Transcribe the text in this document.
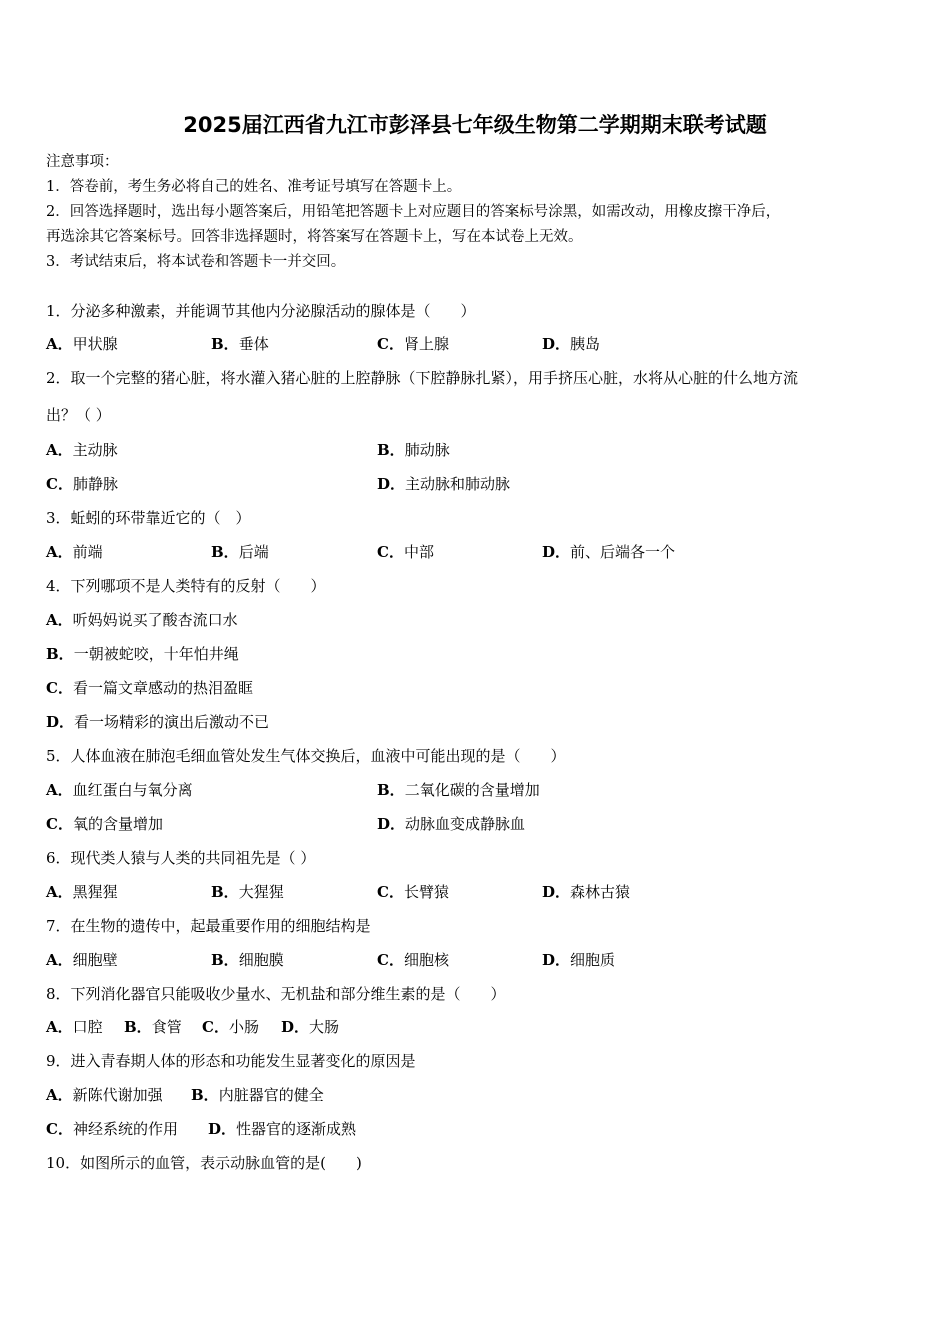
2025届江西省九江市彭泽县七年级生物第二学期期末联考试题
注意事项：
1．答卷前，考生务必将自己的姓名、准考证号填写在答题卡上。
2．回答选择题时，选出每小题答案后，用铅笔把答题卡上对应题目的答案标号涂黑，如需改动，用橡皮擦干净后，
再选涂其它答案标号。回答非选择题时，将答案写在答题卡上，写在本试卷上无效。
3．考试结束后，将本试卷和答题卡一并交回。
1．分泌多种激素，并能调节其他内分泌腺活动的腺体是（　　）
A．甲状腺	B．垂体	C．肾上腺	D．胰岛
2．取一个完整的猪心脏，将水灌入猪心脏的上腔静脉（下腔静脉扎紧），用手挤压心脏，水将从心脏的什么地方流
出？（ ）
A．主动脉	B．肺动脉
C．肺静脉	D．主动脉和肺动脉
3．蚯蚓的环带靠近它的（　）
A．前端	B．后端	C．中部	D．前、后端各一个
4．下列哪项不是人类特有的反射（　　）
A．听妈妈说买了酸杏流口水
B．一朝被蛇咬，十年怕井绳
C．看一篇文章感动的热泪盈眶
D．看一场精彩的演出后激动不已
5．人体血液在肺泡毛细血管处发生气体交换后，血液中可能出现的是（　　）
A．血红蛋白与氧分离	B．二氧化碳的含量增加
C．氧的含量增加	D．动脉血变成静脉血
6．现代类人猿与人类的共同祖先是（ ）
A．黑猩猩	B．大猩猩	C．长臂猿	D．森林古猿
7．在生物的遗传中，起最重要作用的细胞结构是
A．细胞壁	B．细胞膜	C．细胞核	D．细胞质
8．下列消化器官只能吸收少量水、无机盐和部分维生素的是（　　）
A．口腔 B．食管 C．小肠 D．大肠
9．进入青春期人体的形态和功能发生显著变化的原因是
A．新陈代谢加强 B．内脏器官的健全
C．神经系统的作用 D．性器官的逐渐成熟
10．如图所示的血管，表示动脉血管的是(　　)
